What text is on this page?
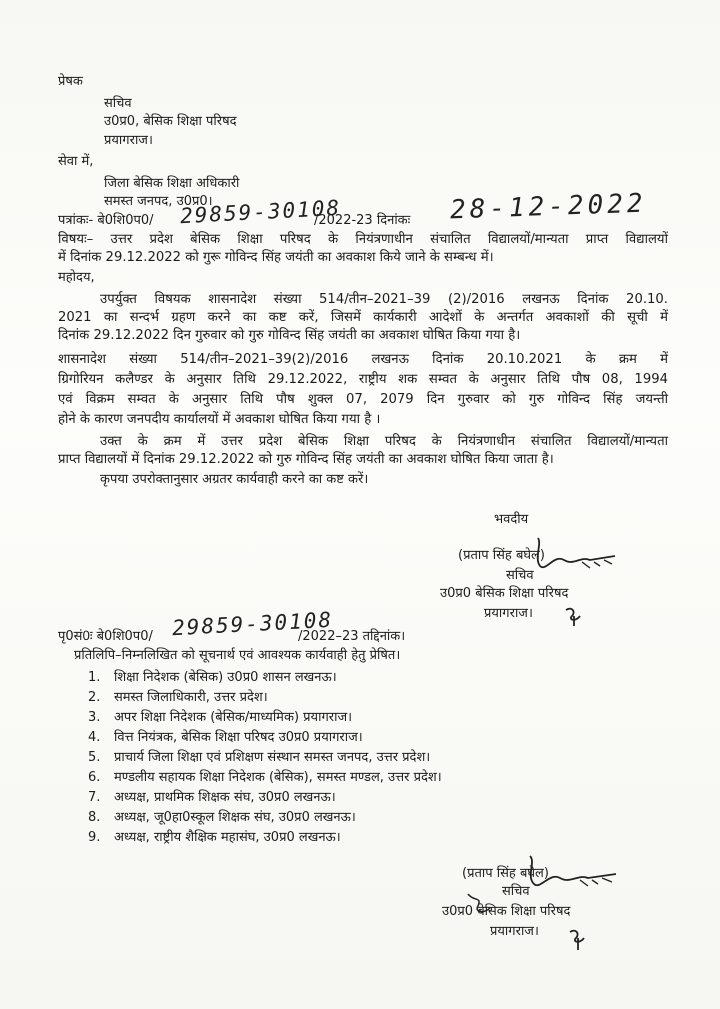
प्रेषक
सचिव
उ0प्र0, बेसिक शिक्षा परिषद
प्रयागराज।
सेवा में,
जिला बेसिक शिक्षा अधिकारी
समस्त जनपद, उ0प्र0।
पत्रांकः- बे0शि0प0/ 29859-30108
/2022-23 दिनांकः 28-12-2022
विषयः– उत्तर प्रदेश बेसिक शिक्षा परिषद के नियंत्रणाधीन संचालित विद्यालयों/मान्यता प्राप्त विद्यालयों
में दिनांक 29.12.2022 को गुरू गोविन्द सिंह जयंती का अवकाश किये जाने के सम्बन्ध में।
महोदय,
उपर्युक्त विषयक शासनादेश संख्या 514/तीन–2021–39 (2)/2016 लखनऊ दिनांक 20.10.
2021 का सन्दर्भ ग्रहण करने का कष्ट करें, जिसमें कार्यकारी आदेशों के अन्तर्गत अवकाशों की सूची में
दिनांक 29.12.2022 दिन गुरुवार को गुरु गोविन्द सिंह जयंती का अवकाश घोषित किया गया है।
शासनादेश संख्या 514/तीन–2021–39(2)/2016 लखनऊ दिनांक 20.10.2021 के क्रम में
ग्रिगोरियन कलैण्डर के अनुसार तिथि 29.12.2022, राष्ट्रीय शक सम्वत के अनुसार तिथि पौष 08, 1994
एवं विक्रम सम्वत के अनुसार तिथि पौष शुक्ल 07, 2079 दिन गुरुवार को गुरु गोविन्द सिंह जयन्ती
होने के कारण जनपदीय कार्यालयों में अवकाश घोषित किया गया है ।
उक्त के क्रम में उत्तर प्रदेश बेसिक शिक्षा परिषद के नियंत्रणाधीन संचालित विद्यालयों/मान्यता
प्राप्त विद्यालयों में दिनांक 29.12.2022 को गुरु गोविन्द सिंह जयंती का अवकाश घोषित किया जाता है।
कृपया उपरोक्तानुसार अग्रतर कार्यवाही करने का कष्ट करें।
भवदीय
(प्रताप सिंह बघेल)
सचिव
उ0प्र0 बेसिक शिक्षा परिषद
प्रयागराज।
पृ0सं0ः बे0शि0प0/ 29859-30108
/2022–23 तद्दिनांक।
प्रतिलिपि–निम्नलिखित को सूचनार्थ एवं आवश्यक कार्यवाही हेतु प्रेषित।
1. शिक्षा निदेशक (बेसिक) उ0प्र0 शासन लखनऊ।
2. समस्त जिलाधिकारी, उत्तर प्रदेश।
3. अपर शिक्षा निदेशक (बेसिक/माध्यमिक) प्रयागराज।
4. वित्त नियंत्रक, बेसिक शिक्षा परिषद उ0प्र0 प्रयागराज।
5. प्राचार्य जिला शिक्षा एवं प्रशिक्षण संस्थान समस्त जनपद, उत्तर प्रदेश।
6. मण्डलीय सहायक शिक्षा निदेशक (बेसिक), समस्त मण्डल, उत्तर प्रदेश।
7. अध्यक्ष, प्राथमिक शिक्षक संघ, उ0प्र0 लखनऊ।
8. अध्यक्ष, जू0हा0स्कूल शिक्षक संघ, उ0प्र0 लखनऊ।
9. अध्यक्ष, राष्ट्रीय शैक्षिक महासंघ, उ0प्र0 लखनऊ।
(प्रताप सिंह बघेल)
सचिव
उ0प्र0 बेसिक शिक्षा परिषद
प्रयागराज।
